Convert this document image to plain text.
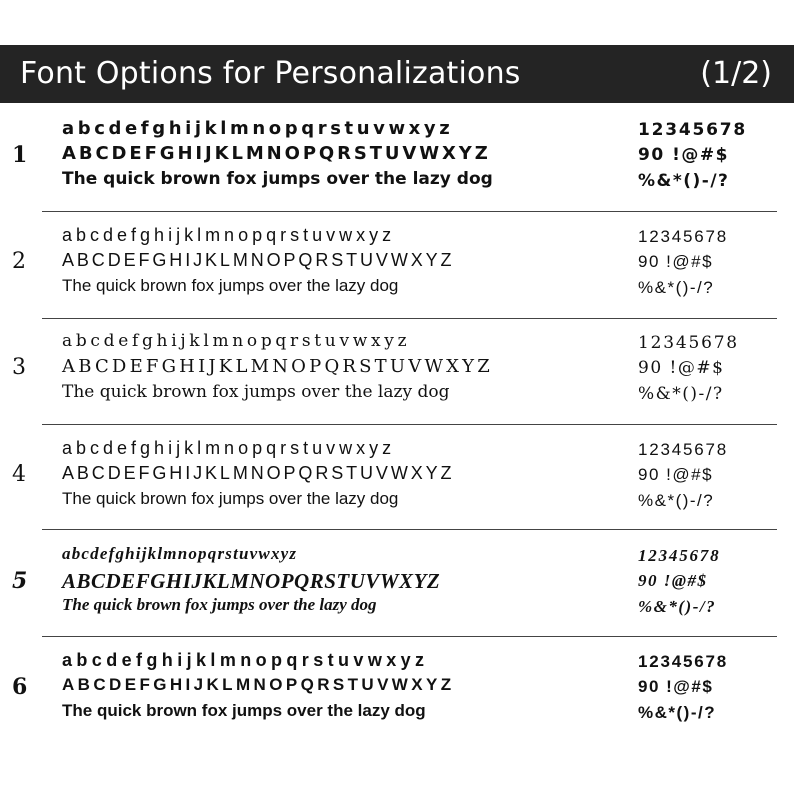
Font Options for Personalizations	(1/2)
1
abcdefghijklmnopqrstuvwxyz
ABCDEFGHIJKLMNOPQRSTUVWXYZ
The quick brown fox jumps over the lazy dog
12345678
90 !@#$
%&*()-/?
2
abcdefghijklmnopqrstuvwxyz
ABCDEFGHIJKLMNOPQRSTUVWXYZ
The quick brown fox jumps over the lazy dog
12345678
90 !@#$
%&*()-/?
3
abcdefghijklmnopqrstuvwxyz
ABCDEFGHIJKLMNOPQRSTUVWXYZ
The quick brown fox jumps over the lazy dog
12345678
90 !@#$
%&*()-/?
4
abcdefghijklmnopqrstuvwxyz
ABCDEFGHIJKLMNOPQRSTUVWXYZ
The quick brown fox jumps over the lazy dog
12345678
90 !@#$
%&*()-/?
5
abcdefghijklmnopqrstuvwxyz
ABCDEFGHIJKLMNOPQRSTUVWXYZ
The quick brown fox jumps over the lazy dog
12345678
90 !@#$
%&*()-/?
6
abcdefghijklmnopqrstuvwxyz
ABCDEFGHIJKLMNOPQRSTUVWXYZ
The quick brown fox jumps over the lazy dog
12345678
90 !@#$
%&*()-/?
